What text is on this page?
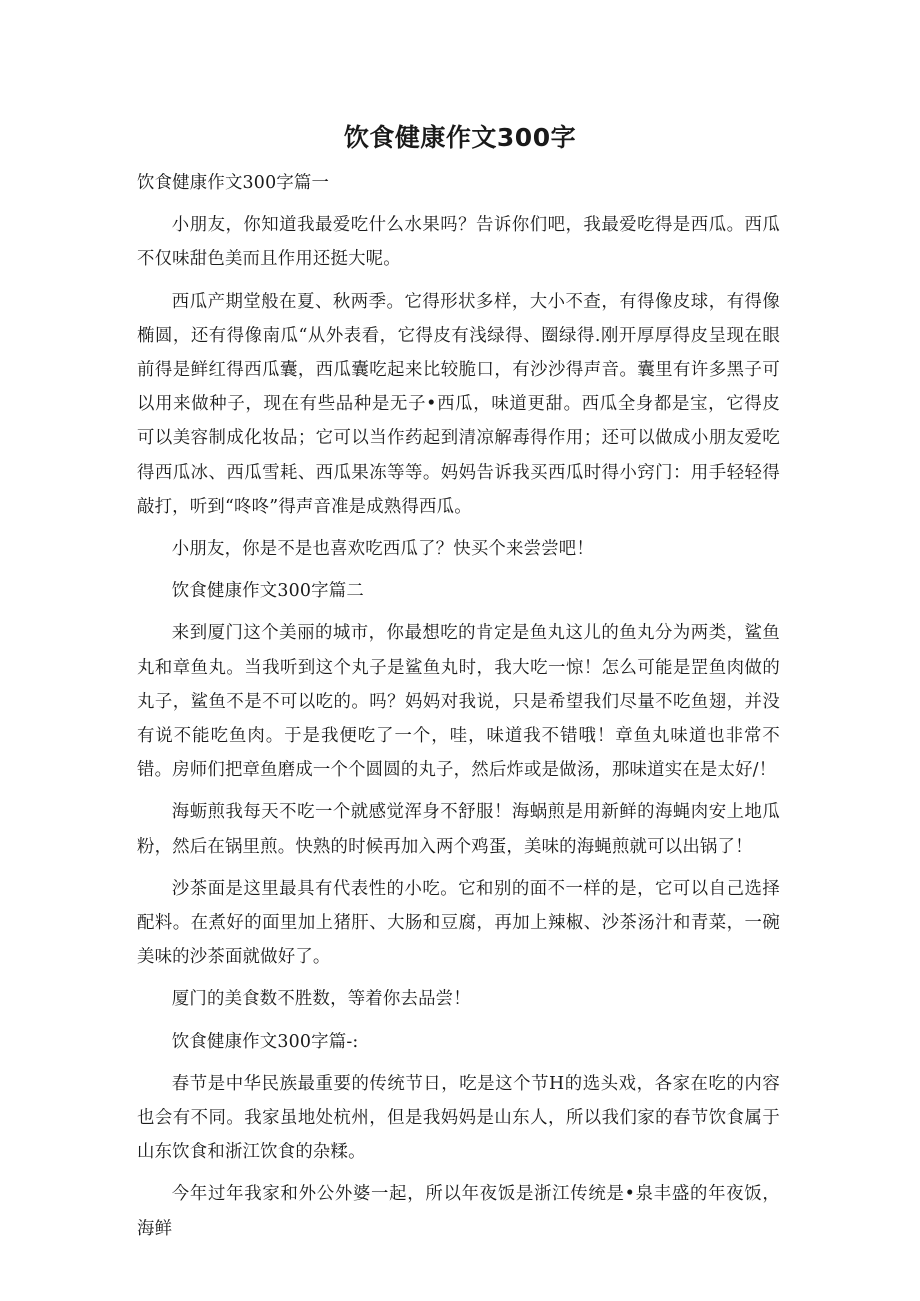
饮食健康作文300字

饮食健康作文300字篇一

小朋友，你知道我最爱吃什么水果吗？告诉你们吧，我最爱吃得是西瓜。西瓜不仅味甜色美而且作用还挺大呢。

西瓜产期堂般在夏、秋两季。它得形状多样，大小不查，有得像皮球，有得像椭圆，还有得像南瓜“从外表看，它得皮有浅绿得、圈绿得.刚开厚厚得皮呈现在眼前得是鲜红得西瓜囊，西瓜囊吃起来比较脆口，有沙沙得声音。囊里有许多黑子可以用来做种子，现在有些品种是无子•西瓜，味道更甜。西瓜全身都是宝，它得皮可以美容制成化妆品；它可以当作药起到清凉解毒得作用；还可以做成小朋友爱吃得西瓜冰、西瓜雪耗、西瓜果冻等等。妈妈告诉我买西瓜时得小窍门：用手轻轻得敲打，听到“咚咚”得声音准是成熟得西瓜。

小朋友，你是不是也喜欢吃西瓜了？快买个来尝尝吧！

饮食健康作文300字篇二

来到厦门这个美丽的城市，你最想吃的肯定是鱼丸这儿的鱼丸分为两类，鲨鱼丸和章鱼丸。当我听到这个丸子是鲨鱼丸时，我大吃一惊！怎么可能是罡鱼肉做的丸子，鲨鱼不是不可以吃的。吗？妈妈对我说，只是希望我们尽量不吃鱼翅，并没有说不能吃鱼肉。于是我便吃了一个，哇，味道我不错哦！章鱼丸味道也非常不错。房师们把章鱼磨成一个个圆圆的丸子，然后炸或是做汤，那味道实在是太好/！

海蛎煎我每天不吃一个就感觉浑身不舒服！海蜗煎是用新鲜的海蝇肉安上地瓜粉，然后在锅里煎。快熟的时候再加入两个鸡蛋，美味的海蝇煎就可以出锅了！

沙茶面是这里最具有代表性的小吃。它和别的面不一样的是，它可以自己选择配料。在煮好的面里加上猪肝、大肠和豆腐，再加上辣椒、沙茶汤汁和青菜，一碗美味的沙茶面就做好了。

厦门的美食数不胜数，等着你去品尝！

饮食健康作文300字篇-:

春节是中华民族最重要的传统节日，吃是这个节H的选头戏，各家在吃的内容也会有不同。我家虽地处杭州，但是我妈妈是山东人，所以我们家的春节饮食属于山东饮食和浙江饮食的杂糅。

今年过年我家和外公外婆一起，所以年夜饭是浙江传统是•泉丰盛的年夜饭，海鲜
